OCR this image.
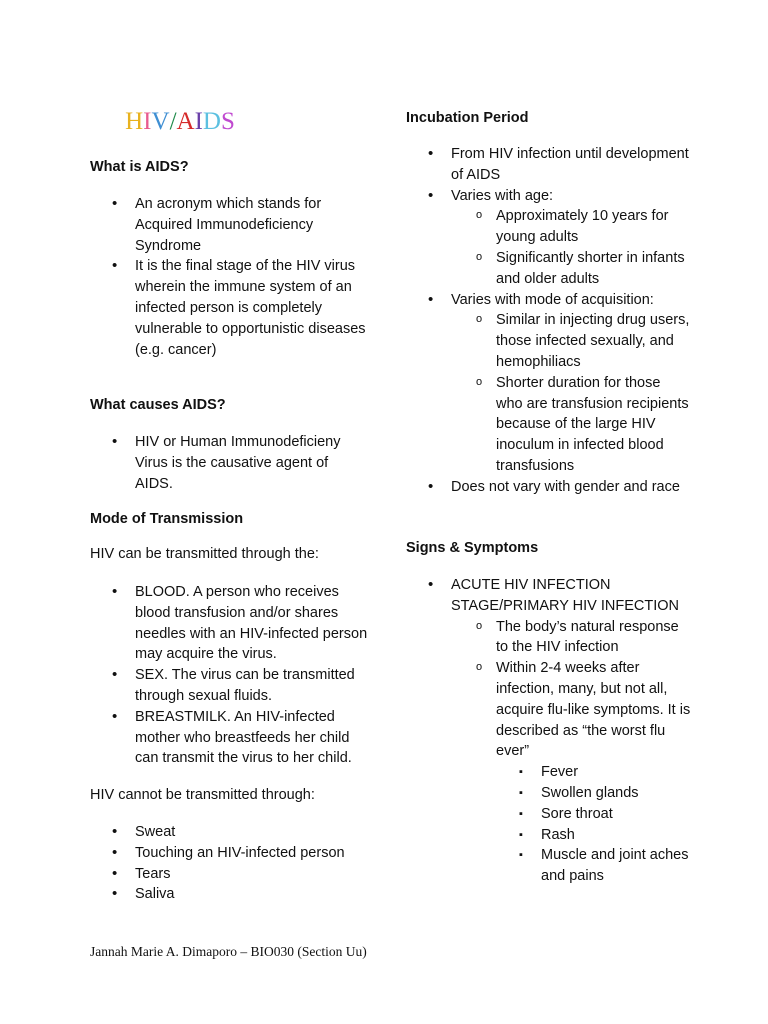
HIV/AIDS
What is AIDS?
• An acronym which stands for Acquired Immunodeficiency Syndrome
• It is the final stage of the HIV virus wherein the immune system of an infected person is completely vulnerable to opportunistic diseases (e.g. cancer)
What causes AIDS?
• HIV or Human Immunodeficieny Virus is the causative agent of AIDS.
Mode of Transmission
HIV can be transmitted through the:
• BLOOD. A person who receives blood transfusion and/or shares needles with an HIV-infected person may acquire the virus.
• SEX. The virus can be transmitted through sexual fluids.
• BREASTMILK. An HIV-infected mother who breastfeeds her child can transmit the virus to her child.
HIV cannot be transmitted through:
• Sweat
• Touching an HIV-infected person
• Tears
• Saliva
Incubation Period
• From HIV infection until development of AIDS
• Varies with age:
o Approximately 10 years for young adults
o Significantly shorter in infants and older adults
• Varies with mode of acquisition:
o Similar in injecting drug users, those infected sexually, and hemophiliacs
o Shorter duration for those who are transfusion recipients because of the large HIV inoculum in infected blood transfusions
• Does not vary with gender and race
Signs & Symptoms
• ACUTE HIV INFECTION STAGE/PRIMARY HIV INFECTION
o The body’s natural response to the HIV infection
o Within 2-4 weeks after infection, many, but not all, acquire flu-like symptoms. It is described as “the worst flu ever”
▪ Fever
▪ Swollen glands
▪ Sore throat
▪ Rash
▪ Muscle and joint aches and pains
Jannah Marie A. Dimaporo – BIO030 (Section Uu)
